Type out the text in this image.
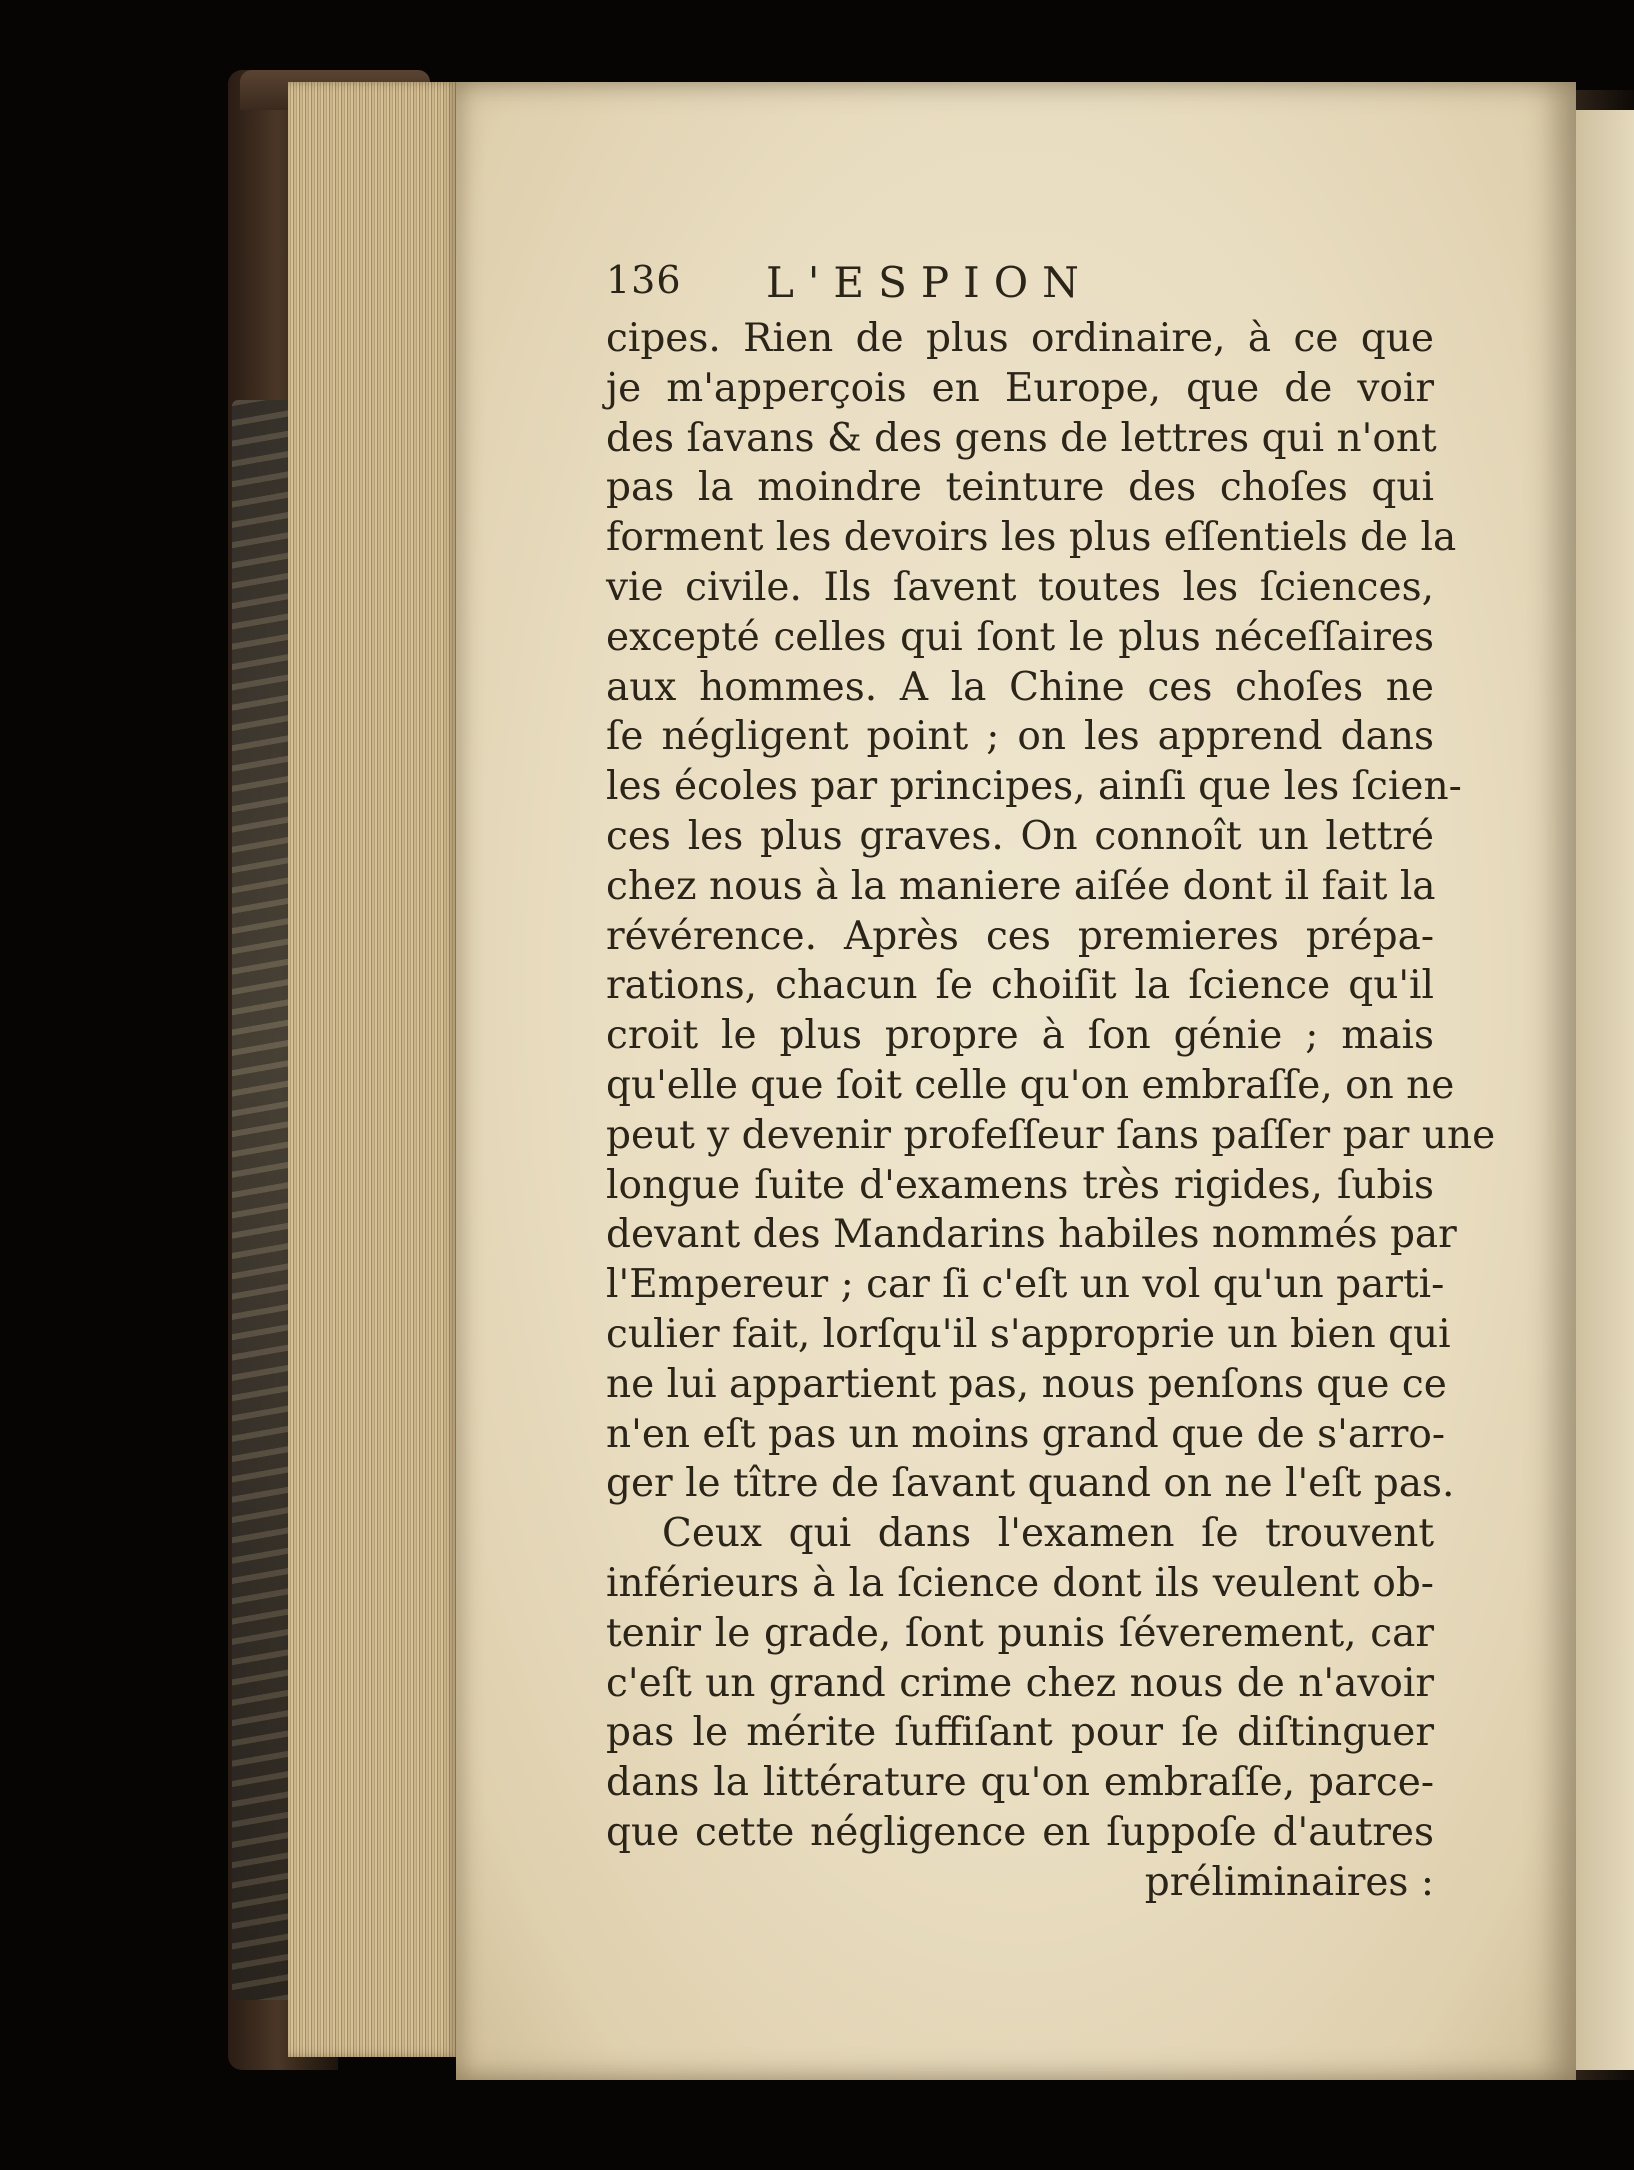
136 L'ESPION
cipes. Rien de plus ordinaire, à ce que
je m'apperçois en Europe, que de voir
des ſavans & des gens de lettres qui n'ont
pas la moindre teinture des choſes qui
forment les devoirs les plus eſſentiels de la
vie civile. Ils ſavent toutes les ſciences,
excepté celles qui ſont le plus néceſſaires
aux hommes. A la Chine ces choſes ne
ſe négligent point ; on les apprend dans
les écoles par principes, ainſi que les ſcien-
ces les plus graves. On connoît un lettré
chez nous à la maniere aiſée dont il fait la
révérence. Après ces premieres prépa-
rations, chacun ſe choiſit la ſcience qu'il
croit le plus propre à ſon génie ; mais
qu'elle que ſoit celle qu'on embraſſe, on ne
peut y devenir profeſſeur ſans paſſer par une
longue ſuite d'examens très rigides, ſubis
devant des Mandarins habiles nommés par
l'Empereur ; car ſi c'eſt un vol qu'un parti-
culier fait, lorſqu'il s'approprie un bien qui
ne lui appartient pas, nous penſons que ce
n'en eſt pas un moins grand que de s'arro-
ger le tître de ſavant quand on ne l'eſt pas.
Ceux qui dans l'examen ſe trouvent
inférieurs à la ſcience dont ils veulent ob-
tenir le grade, ſont punis ſéverement, car
c'eſt un grand crime chez nous de n'avoir
pas le mérite ſuffiſant pour ſe diſtinguer
dans la littérature qu'on embraſſe, parce-
que cette négligence en ſuppoſe d'autres
préliminaires :
